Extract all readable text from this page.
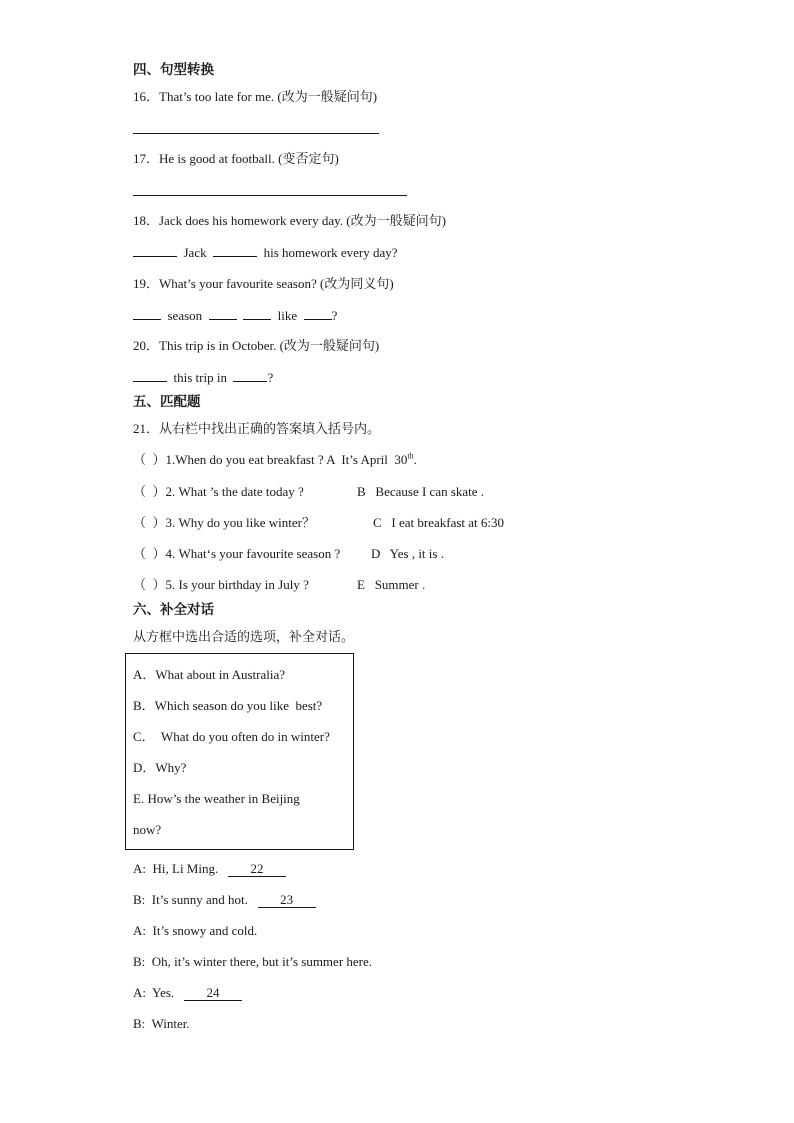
四、句型转换
16．That’s too late for me. (改为一般疑问句)
17．He is good at football. (变否定句)
18．Jack does his homework every day. (改为一般疑问句)
Jack	his homework every day?
19．What’s your favourite season? (改为同义句)
season	like	?
20．This trip is in October. (改为一般疑问句)
this trip in	?
五、匹配题
21．从右栏中找出正确的答案填入括号内。
（  ）1.When do you eat breakfast ? A  It’s April  30th.
（  ）2. What ’s the date today ?	B   Because I can skate .
（  ）3. Why do you like winter？	C   I eat breakfast at 6:30
（  ）4. What‘s your favourite season ? D   Yes , it is .
（  ）5. Is your birthday in July ?	E   Summer .
六、补全对话
从方框中选出合适的选项，补全对话。
A．What about in Australia?
B．Which season do you like  best?
C．  What do you often do in winter?
D．Why?
E. How’s the weather in Beijing
now?
A:  Hi, Li Ming. 22
B:  It’s sunny and hot. 23
A:  It’s snowy and cold.
B:  Oh, it’s winter there, but it’s summer here.
A:  Yes. 24
B:  Winter.
